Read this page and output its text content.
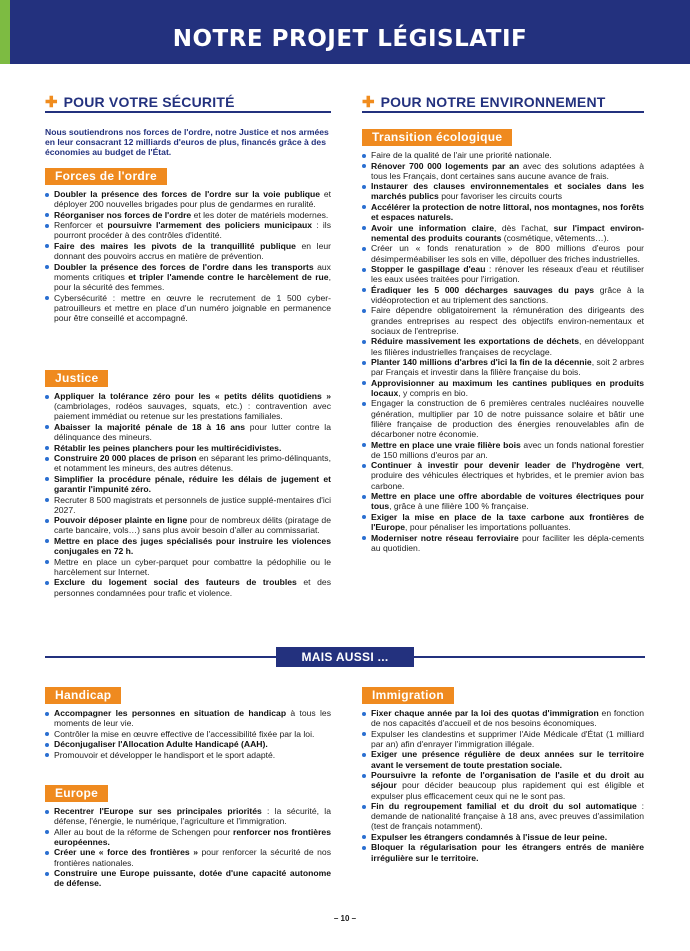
NOTRE PROJET LÉGISLATIF
✚ POUR VOTRE SÉCURITÉ
Nous soutiendrons nos forces de l'ordre, notre Justice et nos armées en leur consacrant 12 milliards d'euros de plus, financés grâce à des économies au budget de l'État.
Forces de l'ordre
Doubler la présence des forces de l'ordre sur la voie publique et déployer 200 nouvelles brigades pour plus de gendarmes en ruralité.
Réorganiser nos forces de l'ordre et les doter de matériels modernes.
Renforcer et poursuivre l'armement des policiers municipaux : ils pourront procéder à des contrôles d'identité.
Faire des maires les pivots de la tranquillité publique en leur donnant des pouvoirs accrus en matière de prévention.
Doubler la présence des forces de l'ordre dans les transports aux moments critiques et tripler l'amende contre le harcèlement de rue, pour la sécurité des femmes.
Cybersécurité : mettre en œuvre le recrutement de 1 500 cyber-patrouilleurs et mettre en place d'un numéro joignable en permanence pour être conseillé et accompagné.
Justice
Appliquer la tolérance zéro pour les « petits délits quotidiens » (cambriolages, rodéos sauvages, squats, etc.) : contravention avec paiement immédiat ou retenue sur les prestations familiales.
Abaisser la majorité pénale de 18 à 16 ans pour lutter contre la délinquance des mineurs.
Rétablir les peines planchers pour les multirécidivistes.
Construire 20 000 places de prison en séparant les primo-délinquants, et notamment les mineurs, des autres détenus.
Simplifier la procédure pénale, réduire les délais de jugement et garantir l'impunité zéro.
Recruter 8 500 magistrats et personnels de justice supplé-mentaires d'ici 2027.
Pouvoir déposer plainte en ligne pour de nombreux délits (piratage de carte bancaire, vols…) sans plus avoir besoin d'aller au commissariat.
Mettre en place des juges spécialisés pour instruire les violences conjugales en 72 h.
Mettre en place un cyber-parquet pour combattre la pédophilie ou le harcèlement sur Internet.
Exclure du logement social des fauteurs de troubles et des personnes condamnées pour trafic et violence.
✚ POUR NOTRE ENVIRONNEMENT
Transition écologique
Faire de la qualité de l'air une priorité nationale.
Rénover 700 000 logements par an avec des solutions adaptées à tous les Français, dont certaines sans aucune avance de frais.
Instaurer des clauses environnementales et sociales dans les marchés publics pour favoriser les circuits courts
Accélérer la protection de notre littoral, nos montagnes, nos forêts et espaces naturels.
Avoir une information claire, dès l'achat, sur l'impact environ-nemental des produits courants (cosmétique, vêtements…).
Créer un « fonds renaturation » de 800 millions d'euros pour désimperméabiliser les sols en ville, dépolluer des friches industrielles.
Stopper le gaspillage d'eau : rénover les réseaux d'eau et réutiliser les eaux usées traitées pour l'irrigation.
Éradiquer les 5 000 décharges sauvages du pays grâce à la vidéoprotection et au triplement des sanctions.
Faire dépendre obligatoirement la rémunération des dirigeants des grandes entreprises au respect des objectifs environ-nementaux et sociaux de l'entreprise.
Réduire massivement les exportations de déchets, en développant les filières industrielles françaises de recyclage.
Planter 140 millions d'arbres d'ici la fin de la décennie, soit 2 arbres par Français et investir dans la filière française du bois.
Approvisionner au maximum les cantines publiques en produits locaux, y compris en bio.
Engager la construction de 6 premières centrales nucléaires nouvelle génération, multiplier par 10 de notre puissance solaire et bâtir une filière française de production des énergies renouvelables afin de décarboner notre économie.
Mettre en place une vraie filière bois avec un fonds national forestier de 150 millions d'euros par an.
Continuer à investir pour devenir leader de l'hydrogène vert, produire des véhicules électriques et hybrides, et le premier avion bas carbone.
Mettre en place une offre abordable de voitures électriques pour tous, grâce à une filière 100 % française.
Exiger la mise en place de la taxe carbone aux frontières de l'Europe, pour pénaliser les importations polluantes.
Moderniser notre réseau ferroviaire pour faciliter les dépla-cements au quotidien.
MAIS AUSSI ...
Handicap
Accompagner les personnes en situation de handicap à tous les moments de leur vie.
Contrôler la mise en œuvre effective de l'accessibilité fixée par la loi.
Déconjugaliser l'Allocation Adulte Handicapé (AAH).
Promouvoir et développer le handisport et le sport adapté.
Europe
Recentrer l'Europe sur ses principales priorités : la sécurité, la défense, l'énergie, le numérique, l'agriculture et l'immigration.
Aller au bout de la réforme de Schengen pour renforcer nos frontières européennes.
Créer une « force des frontières » pour renforcer la sécurité de nos frontières nationales.
Construire une Europe puissante, dotée d'une capacité autonome de défense.
Immigration
Fixer chaque année par la loi des quotas d'immigration en fonction de nos capacités d'accueil et de nos besoins économiques.
Expulser les clandestins et supprimer l'Aide Médicale d'État (1 milliard par an) afin d'enrayer l'immigration illégale.
Exiger une présence régulière de deux années sur le territoire avant le versement de toute prestation sociale.
Poursuivre la refonte de l'organisation de l'asile et du droit au séjour pour décider beaucoup plus rapidement qui est éligible et expulser plus efficacement ceux qui ne le sont pas.
Fin du regroupement familial et du droit du sol automatique : demande de nationalité française à 18 ans, avec preuves d'assimilation (test de français notamment).
Expulser les étrangers condamnés à l'issue de leur peine.
Bloquer la régularisation pour les étrangers entrés de manière irrégulière sur le territoire.
– 10 –
